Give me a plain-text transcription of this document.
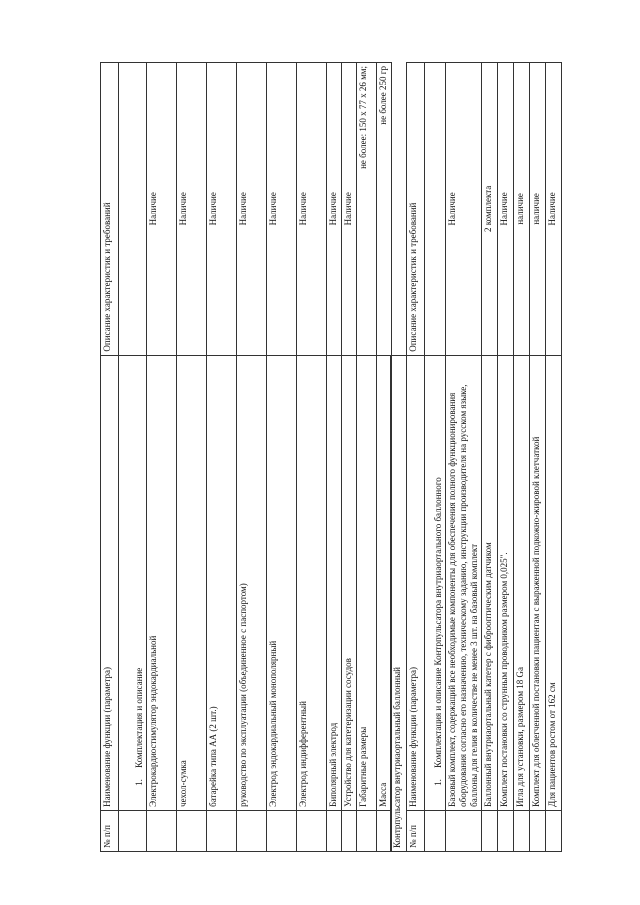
№ п/п	Наименование функции (параметра)	Описание характеристик и требований
	1.Комплектация и описание	
	Электрокардиостимулятор эндокардиальной	Наличие
	чехол-сумка	Наличие
	батарейка типа АА (2 шт.)	Наличие
	руководство по эксплуатации (объединенное с паспортом)	Наличие
	Электрод эндокардиальный монополярный	Наличие
	Электрод индифферентный	Наличие
	Биполярный электрод	Наличие
	Устройство для катетеризации сосудов	Наличие
	Габаритные размеры	не более: 150 х 77 х 26 мм;
	Масса	не более 250 гр
Контрпульсатор внутриаортальный баллонный		
№ п/п	Наименование функции (параметра)	Описание характеристик и требований
	1.Комплектация и описание Контрпульсатора внутриаортального баллонного	
	Базовый комплект, содержащий все необходимые компоненты для обеспечения полного функционирования оборудования согласно его назначению, техническому заданию, инструкции производителя на русском языке, баллоны для гелия в количестве не менее 3 шт. на базовый комплект	Наличие
	Баллонный внутриаортальный катетер с фиброоптическим датчиком	2 комплекта
	Комплект постановки со струнным проводником размером 0,025".	Наличие
	Игла для установки, размером 18 Ga	наличие
	Комплект для облегченной постановки пациентам с выраженной подкожно-жировой клетчаткой	наличие
	Для пациентов ростом от 162 см	Наличие
